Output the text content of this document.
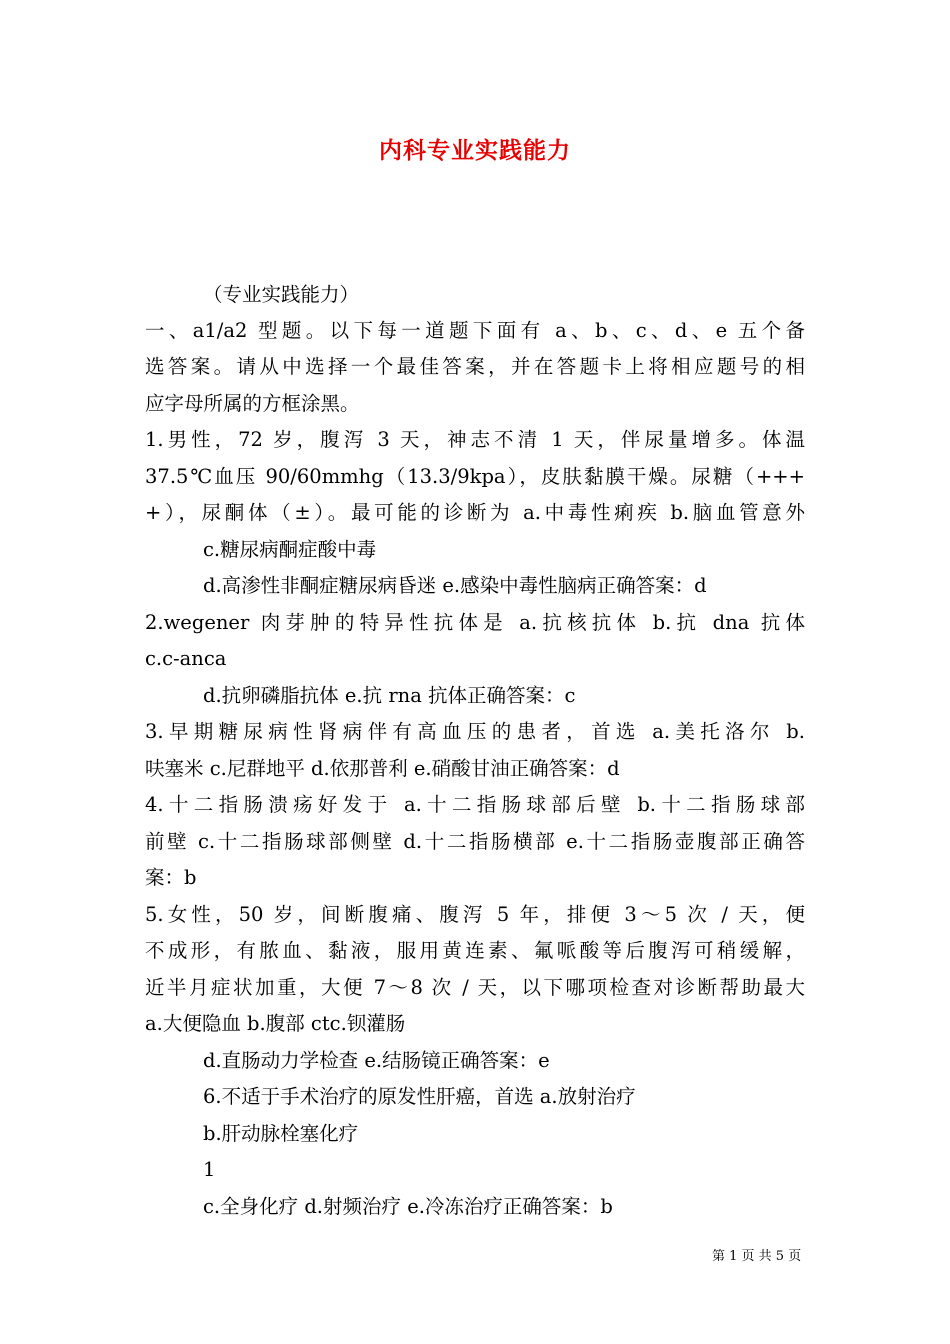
内科专业实践能力
（专业实践能力）
一、a1/a2 型题。以下每一道题下面有 a、b、c、d、e 五个备
选答案。请从中选择一个最佳答案，并在答题卡上将相应题号的相
应字母所属的方框涂黑。
1.男性，72 岁，腹泻 3 天，神志不清 1 天，伴尿量增多。体温
37.5℃血压 90/60mmhg（13.3/9kpa），皮肤黏膜干燥。尿糖（+++
+），尿酮体（±）。最可能的诊断为 a.中毒性痢疾 b.脑血管意外
c.糖尿病酮症酸中毒
d.高渗性非酮症糖尿病昏迷 e.感染中毒性脑病正确答案：d
2.wegener 肉芽肿的特异性抗体是 a.抗核抗体 b.抗 dna 抗体
c.c-anca
d.抗卵磷脂抗体 e.抗 rna 抗体正确答案：c
3.早期糖尿病性肾病伴有高血压的患者，首选 a.美托洛尔 b.
呋塞米 c.尼群地平 d.依那普利 e.硝酸甘油正确答案：d
4.十二指肠溃疡好发于 a.十二指肠球部后壁 b.十二指肠球部
前壁 c.十二指肠球部侧壁 d.十二指肠横部 e.十二指肠壶腹部正确答
案：b
5.女性，50 岁，间断腹痛、腹泻 5 年，排便 3～5 次 / 天，便
不成形，有脓血、黏液，服用黄连素、氟哌酸等后腹泻可稍缓解，
近半月症状加重，大便 7～8 次 / 天，以下哪项检查对诊断帮助最大
a.大便隐血 b.腹部 ctc.钡灌肠
d.直肠动力学检查 e.结肠镜正确答案：e
6.不适于手术治疗的原发性肝癌，首选 a.放射治疗
b.肝动脉栓塞化疗
1
c.全身化疗 d.射频治疗 e.冷冻治疗正确答案：b
第 1 页 共 5 页
